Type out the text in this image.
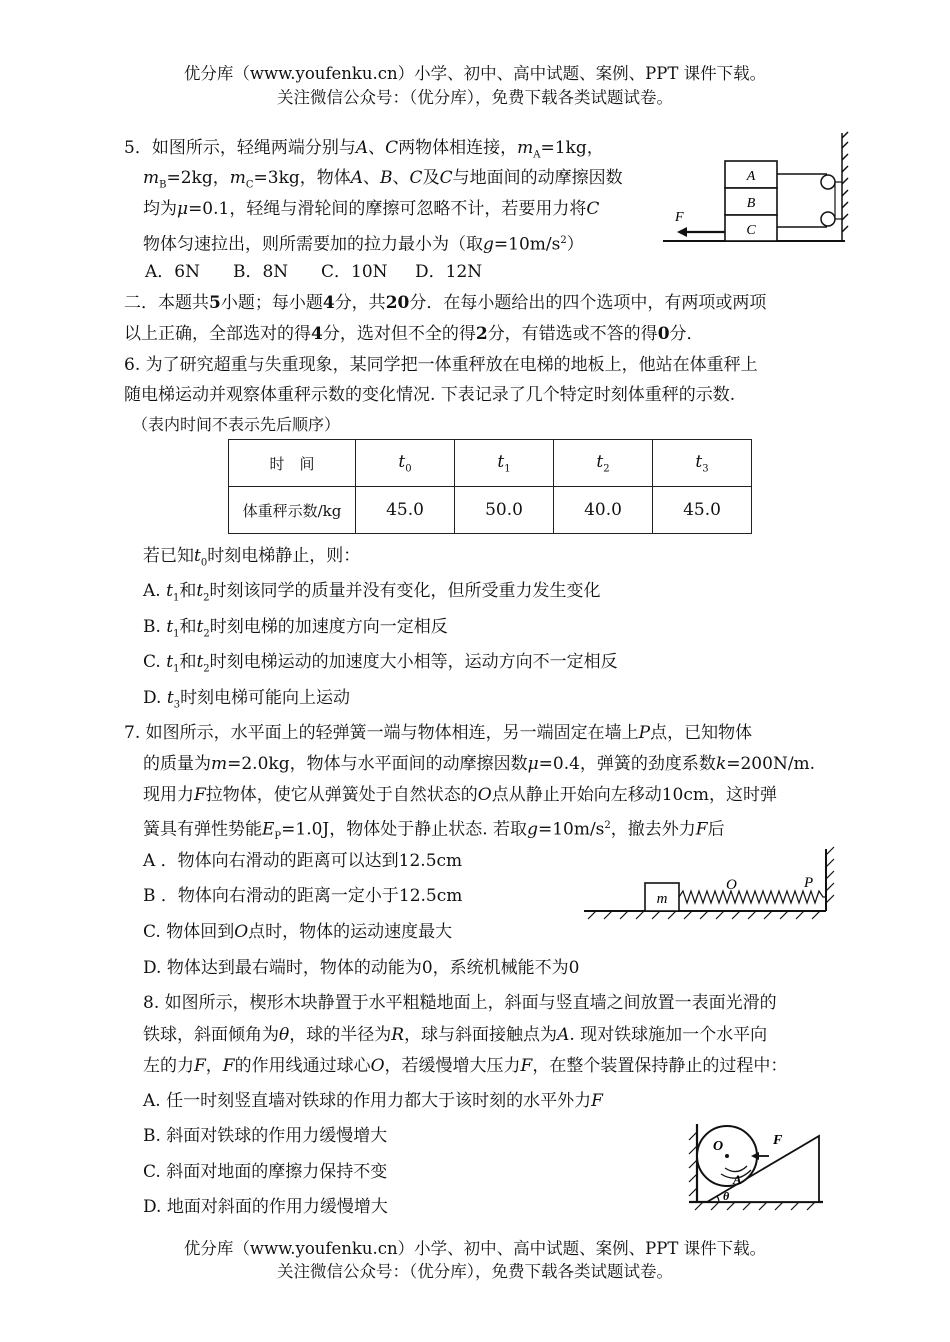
优分库（www.youfenku.cn）小学、初中、高中试题、案例、PPT 课件下载。
关注微信公众号：（优分库），免费下载各类试题试卷。
5．如图所示，轻绳两端分别与A、C两物体相连接，$m_A=1kg$，
$m_B=2kg$，$m_C=3kg$，物体A、B、C及C与地面间的动摩擦因数
均为μ=0.1，轻绳与滑轮间的摩擦可忽略不计，若要用力将C
物体匀速拉出，则所需要加的拉力最小为（取$g=10m/s^2$）
A．6N B．8N C．10N D．12N
A
B
C
F
二．本题共5小题；每小题4分，共20分．在每小题给出的四个选项中，有两项或两项
以上正确，全部选对的得4分，选对但不全的得2分，有错选或不答的得0分．
6. 为了研究超重与失重现象，某同学把一体重秤放在电梯的地板上，他站在体重秤上
随电梯运动并观察体重秤示数的变化情况. 下表记录了几个特定时刻体重秤的示数.
（表内时间不表示先后顺序）
时　间	$t_0$	$t_1$	$t_2$	$t_3$
体重秤示数/kg	45.0	50.0	40.0	45.0
若已知$t_0$时刻电梯静止，则：
A. $t_1$和$t_2$时刻该同学的质量并没有变化，但所受重力发生变化
B. $t_1$和$t_2$时刻电梯的加速度方向一定相反
C. $t_1$和$t_2$时刻电梯运动的加速度大小相等，运动方向不一定相反
D. $t_3$时刻电梯可能向上运动
7. 如图所示，水平面上的轻弹簧一端与物体相连，另一端固定在墙上P点，已知物体
的质量为m=2.0kg，物体与水平面间的动摩擦因数μ=0.4，弹簧的劲度系数k=200N/m.
现用力F拉物体，使它从弹簧处于自然状态的O点从静止开始向左移动10cm，这时弹
簧具有弹性势能$E_P=1.0J$，物体处于静止状态. 若取$g=10m/s^2$，撤去外力F后
A ．物体向右滑动的距离可以达到12.5cm
B ．物体向右滑动的距离一定小于12.5cm
C. 物体回到O点时，物体的运动速度最大
D. 物体达到最右端时，物体的动能为0，系统机械能不为0
m
O	P
8. 如图所示，楔形木块静置于水平粗糙地面上，斜面与竖直墙之间放置一表面光滑的
铁球，斜面倾角为θ，球的半径为R，球与斜面接触点为A. 现对铁球施加一个水平向
左的力F，F的作用线通过球心O，若缓慢增大压力F，在整个装置保持静止的过程中：
A. 任一时刻竖直墙对铁球的作用力都大于该时刻的水平外力F
B. 斜面对铁球的作用力缓慢增大
C. 斜面对地面的摩擦力保持不变
D. 地面对斜面的作用力缓慢增大
O	F
A
θ
优分库（www.youfenku.cn）小学、初中、高中试题、案例、PPT 课件下载。
关注微信公众号：（优分库），免费下载各类试题试卷。
